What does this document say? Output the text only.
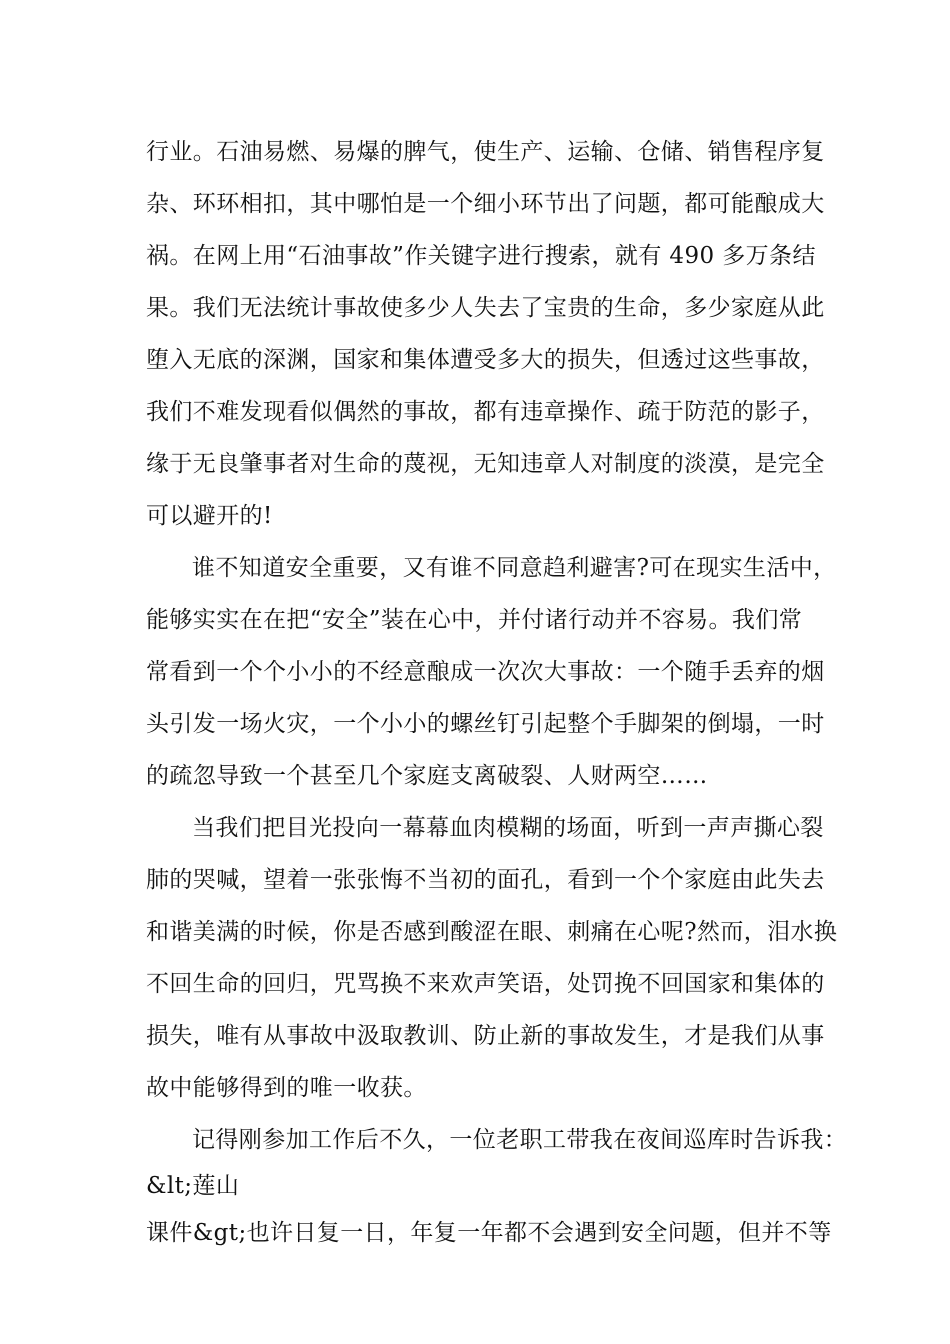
行业。石油易燃、易爆的脾气，使生产、运输、仓储、销售程序复
杂、环环相扣，其中哪怕是一个细小环节出了问题，都可能酿成大
祸。在网上用“石油事故”作关键字进行搜索，就有 490 多万条结
果。我们无法统计事故使多少人失去了宝贵的生命，多少家庭从此
堕入无底的深渊，国家和集体遭受多大的损失，但透过这些事故，
我们不难发现看似偶然的事故，都有违章操作、疏于防范的影子，
缘于无良肇事者对生命的蔑视，无知违章人对制度的淡漠，是完全
可以避开的!
谁不知道安全重要，又有谁不同意趋利避害?可在现实生活中，
能够实实在在把“安全”装在心中，并付诸行动并不容易。我们常
常看到一个个小小的不经意酿成一次次大事故：一个随手丢弃的烟
头引发一场火灾，一个小小的螺丝钉引起整个手脚架的倒塌，一时
的疏忽导致一个甚至几个家庭支离破裂、人财两空……
当我们把目光投向一幕幕血肉模糊的场面，听到一声声撕心裂
肺的哭喊，望着一张张悔不当初的面孔，看到一个个家庭由此失去
和谐美满的时候，你是否感到酸涩在眼、刺痛在心呢?然而，泪水换
不回生命的回归，咒骂换不来欢声笑语，处罚挽不回国家和集体的
损失，唯有从事故中汲取教训、防止新的事故发生，才是我们从事
故中能够得到的唯一收获。
记得刚参加工作后不久，一位老职工带我在夜间巡库时告诉我：
&lt;莲山
课件&gt;也许日复一日，年复一年都不会遇到安全问题，但并不等
